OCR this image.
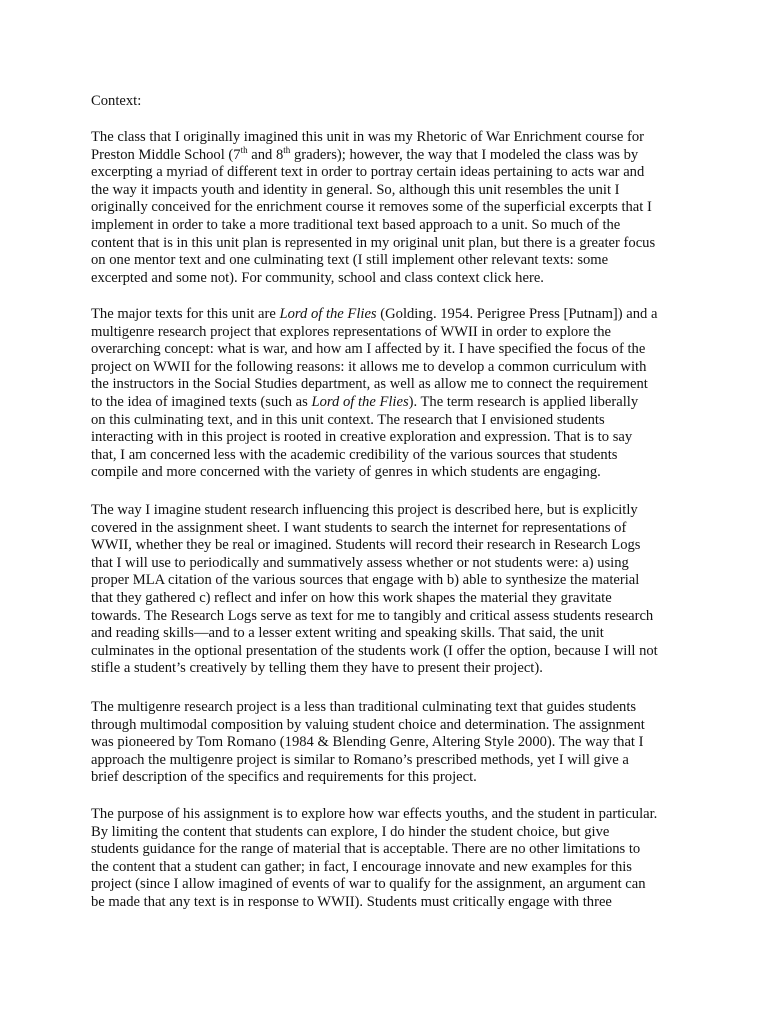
Context:
The class that I originally imagined this unit in was my Rhetoric of War Enrichment course for
Preston Middle School (7th and 8th graders); however, the way that I modeled the class was by
excerpting a myriad of different text in order to portray certain ideas pertaining to acts war and
the way it impacts youth and identity in general. So, although this unit resembles the unit I
originally conceived for the enrichment course it removes some of the superficial excerpts that I
implement in order to take a more traditional text based approach to a unit. So much of the
content that is in this unit plan is represented in my original unit plan, but there is a greater focus
on one mentor text and one culminating text (I still implement other relevant texts: some
excerpted and some not). For community, school and class context click here.
The major texts for this unit are Lord of the Flies (Golding. 1954. Perigree Press [Putnam]) and a
multigenre research project that explores representations of WWII in order to explore the
overarching concept: what is war, and how am I affected by it. I have specified the focus of the
project on WWII for the following reasons: it allows me to develop a common curriculum with
the instructors in the Social Studies department, as well as allow me to connect the requirement
to the idea of imagined texts (such as Lord of the Flies). The term research is applied liberally
on this culminating text, and in this unit context. The research that I envisioned students
interacting with in this project is rooted in creative exploration and expression. That is to say
that, I am concerned less with the academic credibility of the various sources that students
compile and more concerned with the variety of genres in which students are engaging.
The way I imagine student research influencing this project is described here, but is explicitly
covered in the assignment sheet. I want students to search the internet for representations of
WWII, whether they be real or imagined. Students will record their research in Research Logs
that I will use to periodically and summatively assess whether or not students were: a) using
proper MLA citation of the various sources that engage with b) able to synthesize the material
that they gathered c) reflect and infer on how this work shapes the material they gravitate
towards. The Research Logs serve as text for me to tangibly and critical assess students research
and reading skills—and to a lesser extent writing and speaking skills. That said, the unit
culminates in the optional presentation of the students work (I offer the option, because I will not
stifle a student’s creatively by telling them they have to present their project).
The multigenre research project is a less than traditional culminating text that guides students
through multimodal composition by valuing student choice and determination. The assignment
was pioneered by Tom Romano (1984 & Blending Genre, Altering Style 2000). The way that I
approach the multigenre project is similar to Romano’s prescribed methods, yet I will give a
brief description of the specifics and requirements for this project.
The purpose of his assignment is to explore how war effects youths, and the student in particular.
By limiting the content that students can explore, I do hinder the student choice, but give
students guidance for the range of material that is acceptable. There are no other limitations to
the content that a student can gather; in fact, I encourage innovate and new examples for this
project (since I allow imagined of events of war to qualify for the assignment, an argument can
be made that any text is in response to WWII). Students must critically engage with three
